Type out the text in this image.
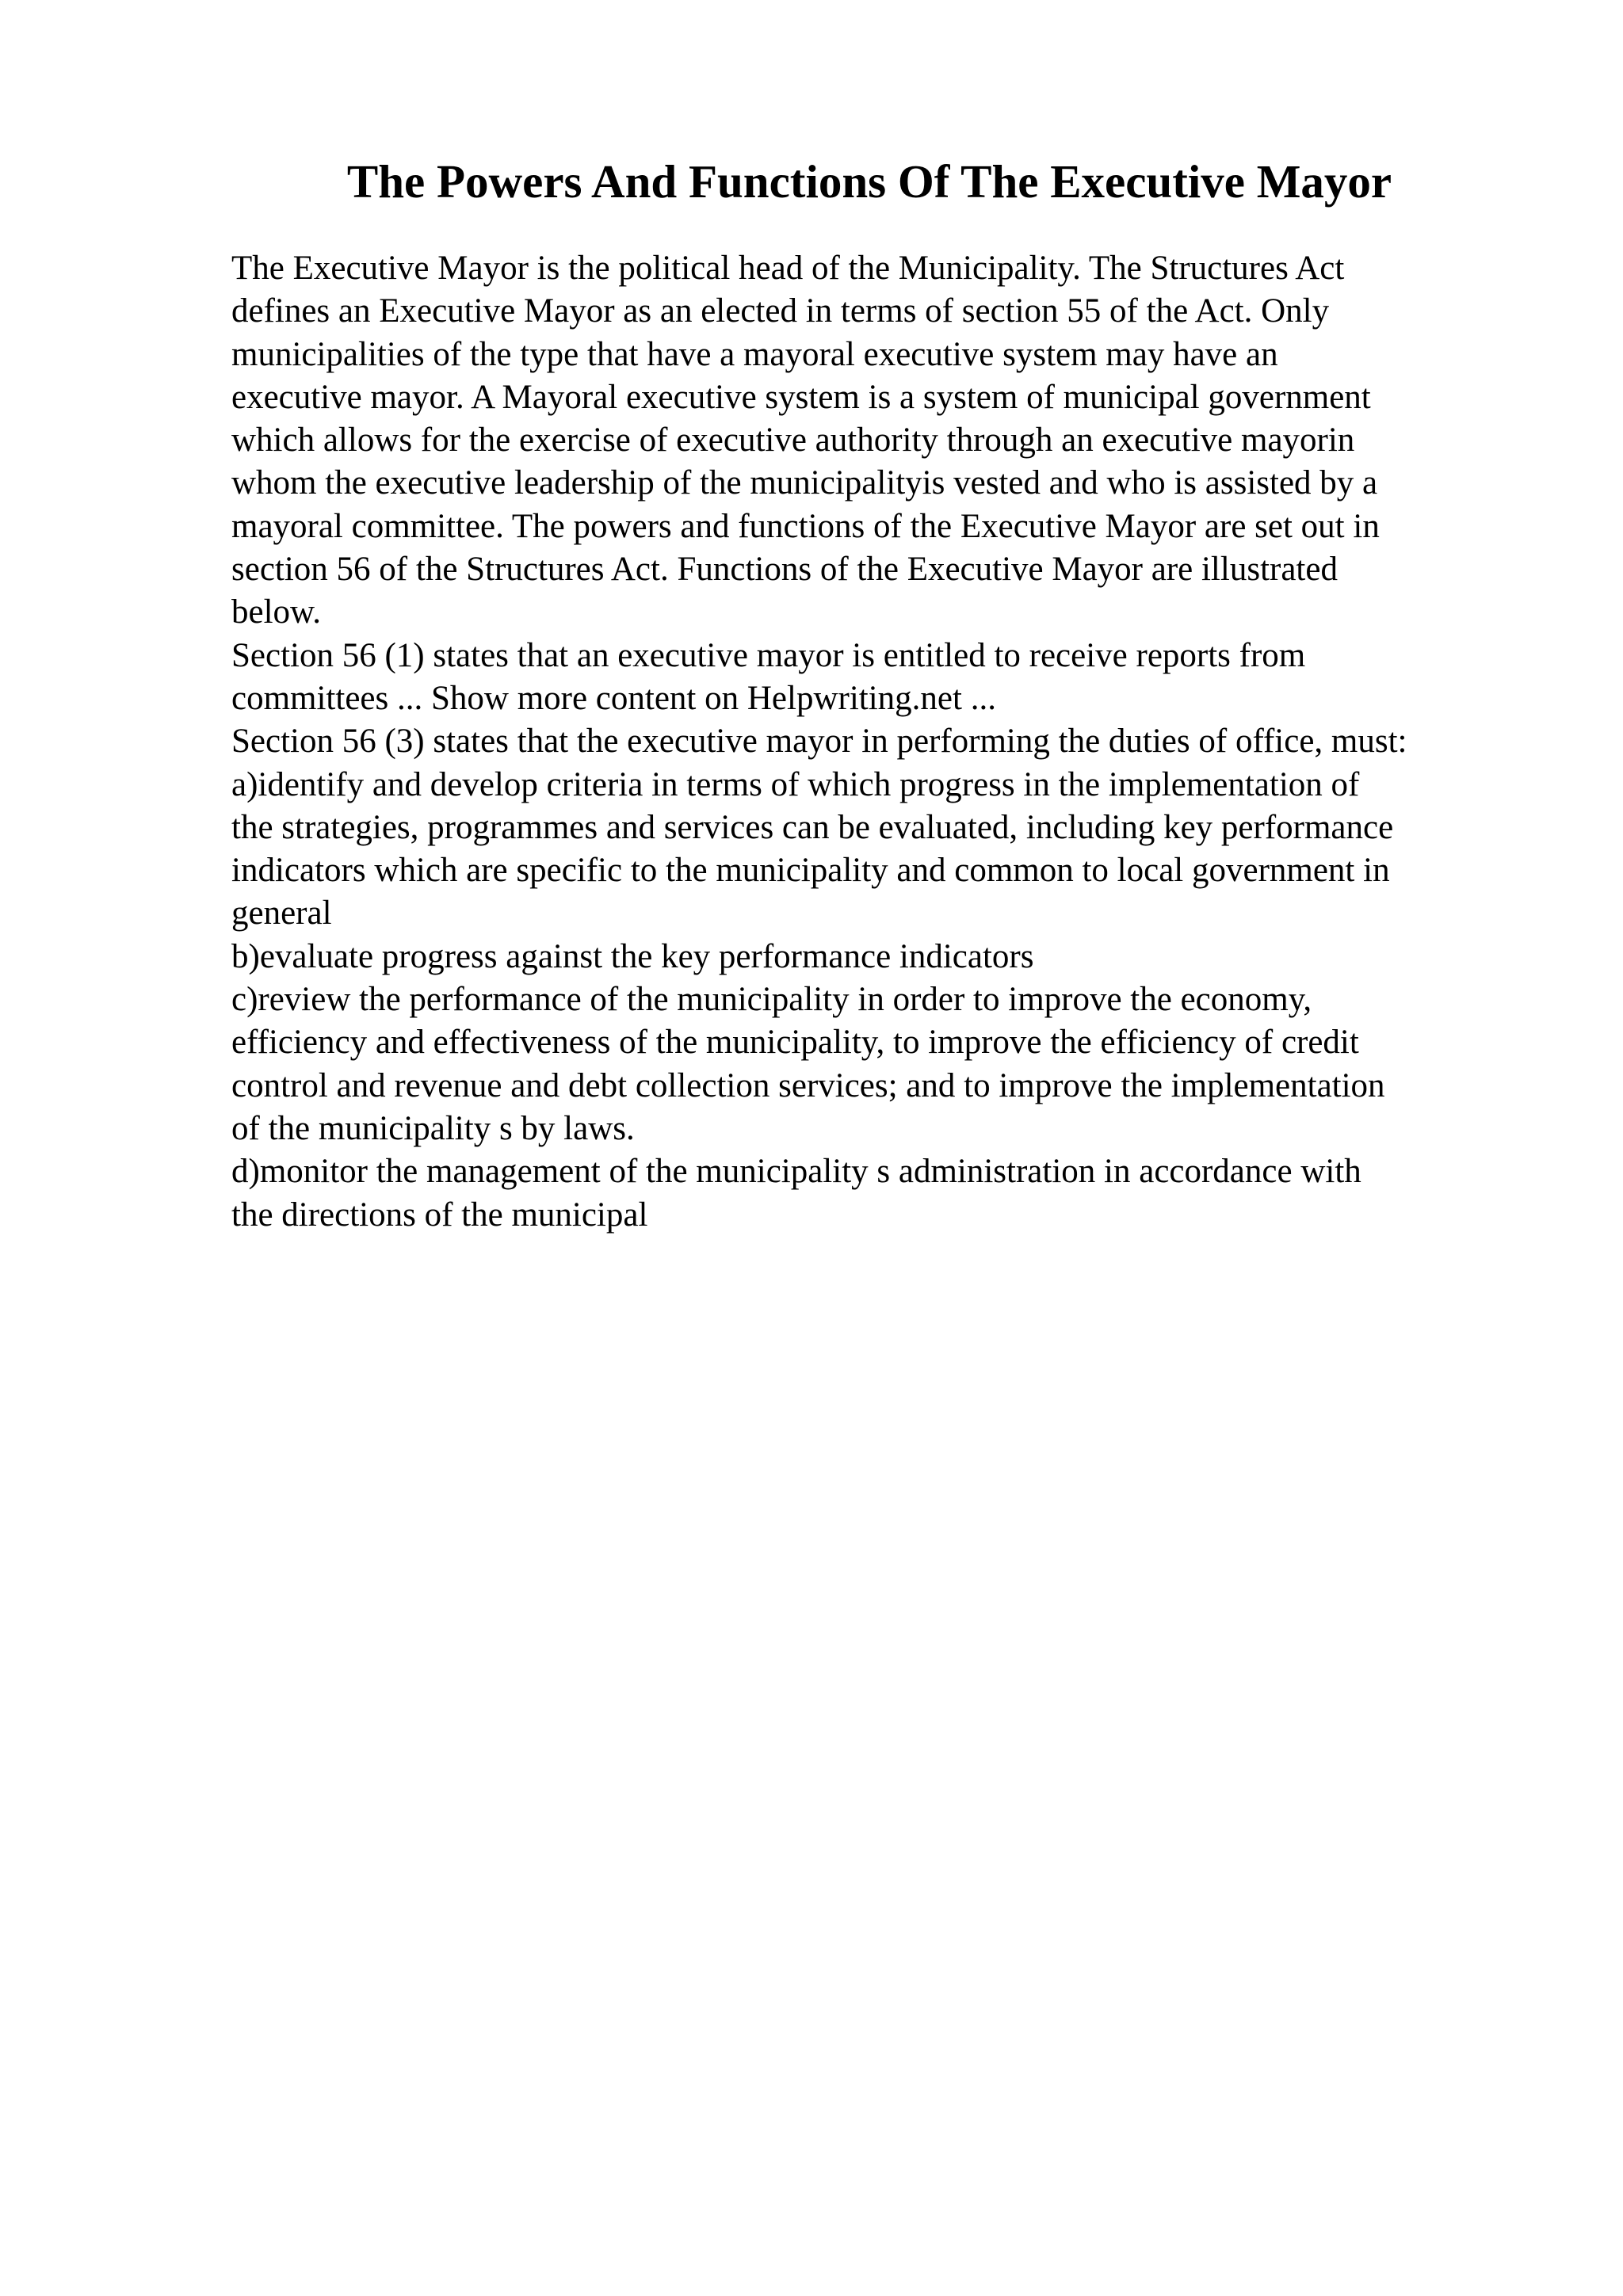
The Powers And Functions Of The Executive Mayor

The Executive Mayor is the political head of the Municipality. The Structures Act

defines an Executive Mayor as an elected in terms of section 55 of the Act. Only

municipalities of the type that have a mayoral executive system may have an

executive mayor. A Mayoral executive system is a system of municipal government

which allows for the exercise of executive authority through an executive mayorin

whom the executive leadership of the municipalityis vested and who is assisted by a

mayoral committee. The powers and functions of the Executive Mayor are set out in

section 56 of the Structures Act. Functions of the Executive Mayor are illustrated

below.

Section 56 (1) states that an executive mayor is entitled to receive reports from

committees ... Show more content on Helpwriting.net ...

Section 56 (3) states that the executive mayor in performing the duties of office, must:

a)identify and develop criteria in terms of which progress in the implementation of

the strategies, programmes and services can be evaluated, including key performance

indicators which are specific to the municipality and common to local government in

general

b)evaluate progress against the key performance indicators

c)review the performance of the municipality in order to improve the economy,

efficiency and effectiveness of the municipality, to improve the efficiency of credit

control and revenue and debt collection services; and to improve the implementation

of the municipality s by laws.

d)monitor the management of the municipality s administration in accordance with

the directions of the municipal
